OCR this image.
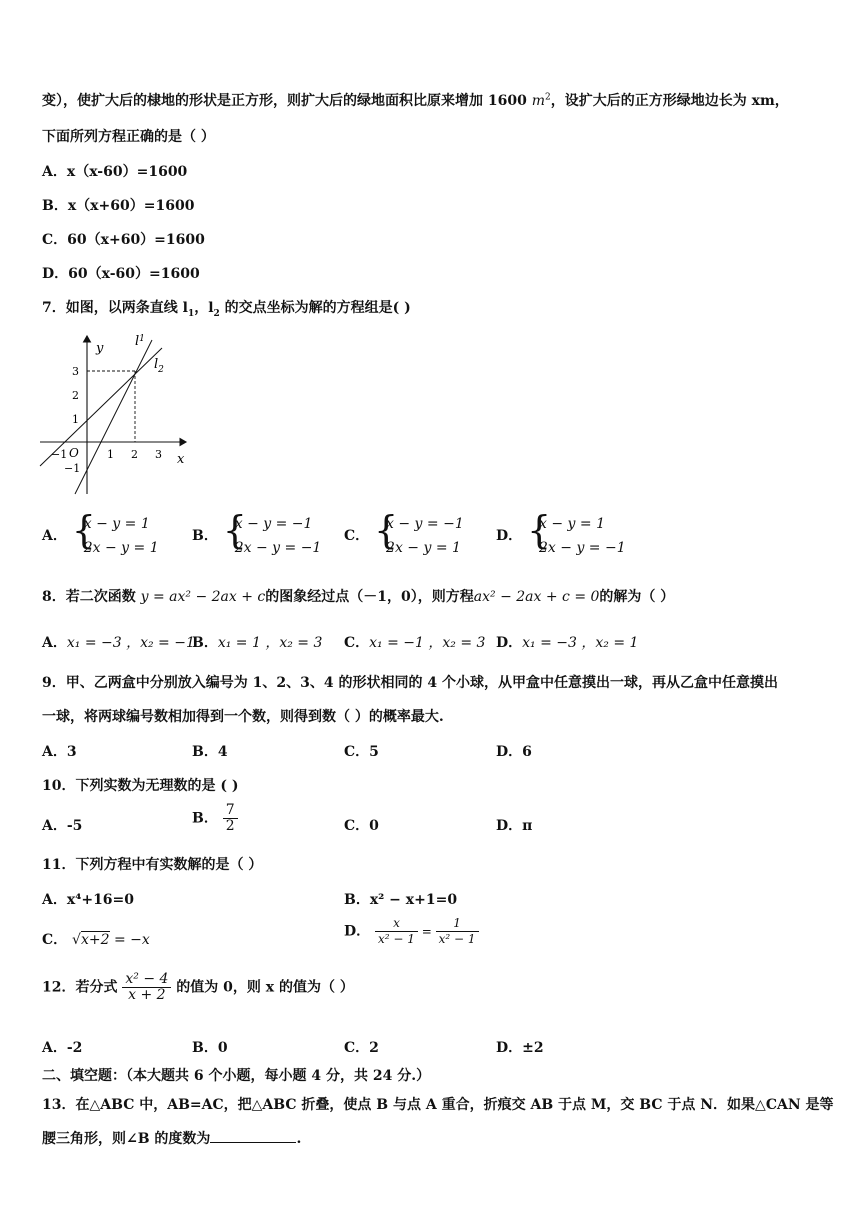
变），使扩大后的棣地的形状是正方形，则扩大后的绿地面积比原来增加 1600 $m^2$，设扩大后的正方形绿地边长为 xm，
下面所列方程正确的是（ ）
A．x（x-60）=1600
B．x（x+60）=1600
C．60（x+60）=1600
D．60（x-60）=1600
7．如图，以两条直线 $l_1$，$l_2$ 的交点坐标为解的方程组是( )
y
x
O
$l^1$
$l_2$
−1	1 2 3
3
2
1
−1
A． {
x − y = 1
2x − y = 1
B． {
x − y = −1
2x − y = −1
C． {
x − y = −1
2x − y = 1
D． {
x − y = 1
2x − y = −1
8．若二次函数 y = ax² − 2ax + c的图象经过点（－1，0），则方程ax² − 2ax + c = 0的解为（ ）
A．x₁ = −3 ，x₂ = −1
B．x₁ = 1 ，x₂ = 3 C．x₁ = −1 ，x₂ = 3 D．x₁ = −3 ，x₂ = 1
9．甲、乙两盒中分别放入编号为 1、2、3、4 的形状相同的 4 个小球，从甲盒中任意摸出一球，再从乙盒中任意摸出
一球，将两球编号数相加得到一个数，则得到数（ ）的概率最大.
A．3	B．4	C．5	D．6
10．下列实数为无理数的是 ( )
A．-5	B． $\frac{7}{2}$	C．0	D．π
11．下列方程中有实数解的是（ ）
A．x⁴+16=0	B．x² − x+1=0
C． √x+2 = −x
D． $\frac{x}{\text{x² − 1}} = \frac{1}{\text{x² − 1}}$
12．若分式 $\frac{\text{x² − 4}}{x + 2}$ 的值为 0，则 x 的值为（ ）
A．-2	B．0	C．2	D．±2
二、填空题：（本大题共 6 个小题，每小题 4 分，共 24 分.）
13．在△ABC 中，AB=AC，把△ABC 折叠，使点 B 与点 A 重合，折痕交 AB 于点 M，交 BC 于点 N．如果△CAN 是等
腰三角形，则∠B 的度数为	.
